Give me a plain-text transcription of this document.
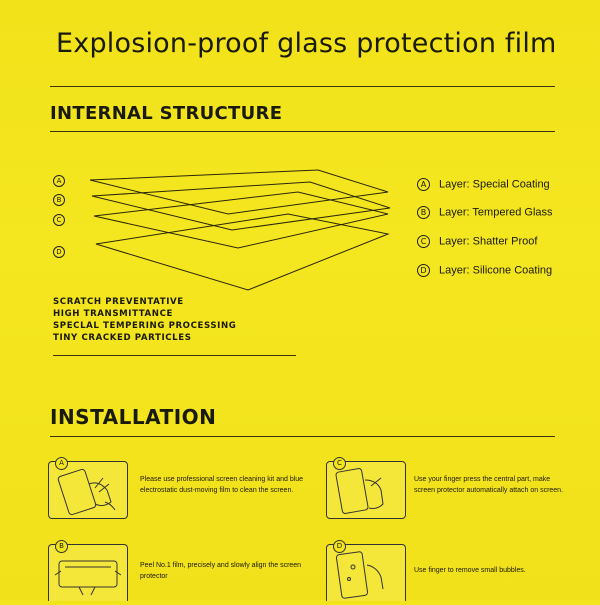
Explosion-proof glass protection film
INTERNAL STRUCTURE
A
B
C
D
A Layer: Special Coating
B Layer: Tempered Glass
C Layer: Shatter Proof
D Layer: Silicone Coating
SCRATCH PREVENTATIVE
HIGH TRANSMITTANCE
SPECLAL TEMPERING PROCESSING
TINY CRACKED PARTICLES
INSTALLATION
A
Please use professional screen cleaning kit and blue electrostatic dust-moving film to clean the screen.
B
Peel No.1 film, precisely and slowly align the screen protector
C
Use your finger press the central part, make screen protector automatically attach on screen.
D
Use finger to remove small bubbles.
